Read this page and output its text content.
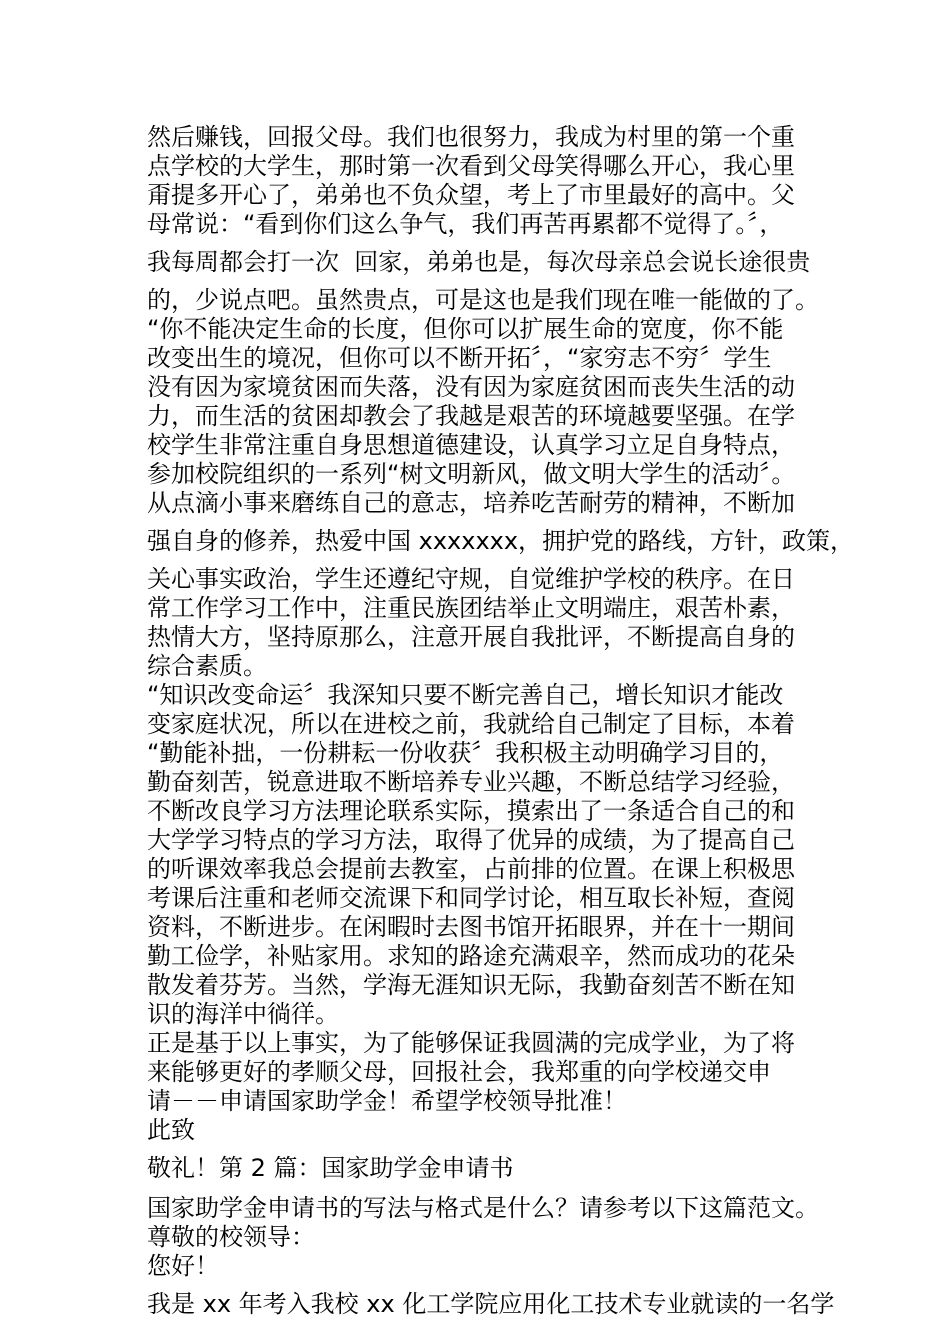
然后赚钱，回报父母。我们也很努力，我成为村里的第一个重

点学校的大学生，那时第一次看到父母笑得哪么开心，我心里

甭提多开心了，弟弟也不负众望，考上了市里最好的高中。父

母常说：“看到你们这么争气，我们再苦再累都不觉得了。〞，

我每周都会打一次  回家，弟弟也是，每次母亲总会说长途很贵

的，少说点吧。虽然贵点，可是这也是我们现在唯一能做的了。

“你不能决定生命的长度，但你可以扩展生命的宽度，你不能

改变出生的境况，但你可以不断开拓〞，“家穷志不穷〞学生

没有因为家境贫困而失落，没有因为家庭贫困而丧失生活的动

力，而生活的贫困却教会了我越是艰苦的环境越要坚强。在学

校学生非常注重自身思想道德建设，认真学习立足自身特点，

参加校院组织的一系列“树文明新风，做文明大学生的活动〞。

从点滴小事来磨练自己的意志，培养吃苦耐劳的精神，不断加

强自身的修养，热爱中国 xxxxxxx，拥护党的路线，方针，政策，

关心事实政治，学生还遵纪守规，自觉维护学校的秩序。在日

常工作学习工作中，注重民族团结举止文明端庄，艰苦朴素，

热情大方，坚持原那么，注意开展自我批评，不断提高自身的

综合素质。

“知识改变命运〞我深知只要不断完善自己，增长知识才能改

变家庭状况，所以在进校之前，我就给自己制定了目标，本着

“勤能补拙，一份耕耘一份收获〞我积极主动明确学习目的，

勤奋刻苦，锐意进取不断培养专业兴趣，不断总结学习经验，

不断改良学习方法理论联系实际，摸索出了一条适合自己的和

大学学习特点的学习方法，取得了优异的成绩，为了提高自己

的听课效率我总会提前去教室，占前排的位置。在课上积极思

考课后注重和老师交流课下和同学讨论，相互取长补短，查阅

资料，不断进步。在闲暇时去图书馆开拓眼界，并在十一期间

勤工俭学，补贴家用。求知的路途充满艰辛，然而成功的花朵

散发着芬芳。当然，学海无涯知识无际，我勤奋刻苦不断在知

识的海洋中徜徉。

正是基于以上事实，为了能够保证我圆满的完成学业，为了将

来能够更好的孝顺父母，回报社会，我郑重的向学校递交申

请－－申请国家助学金！希望学校领导批准！

此致

敬礼！第 2 篇：国家助学金申请书

国家助学金申请书的写法与格式是什么？请参考以下这篇范文。

尊敬的校领导：

您好！

我是 xx 年考入我校 xx 化工学院应用化工技术专业就读的一名学
